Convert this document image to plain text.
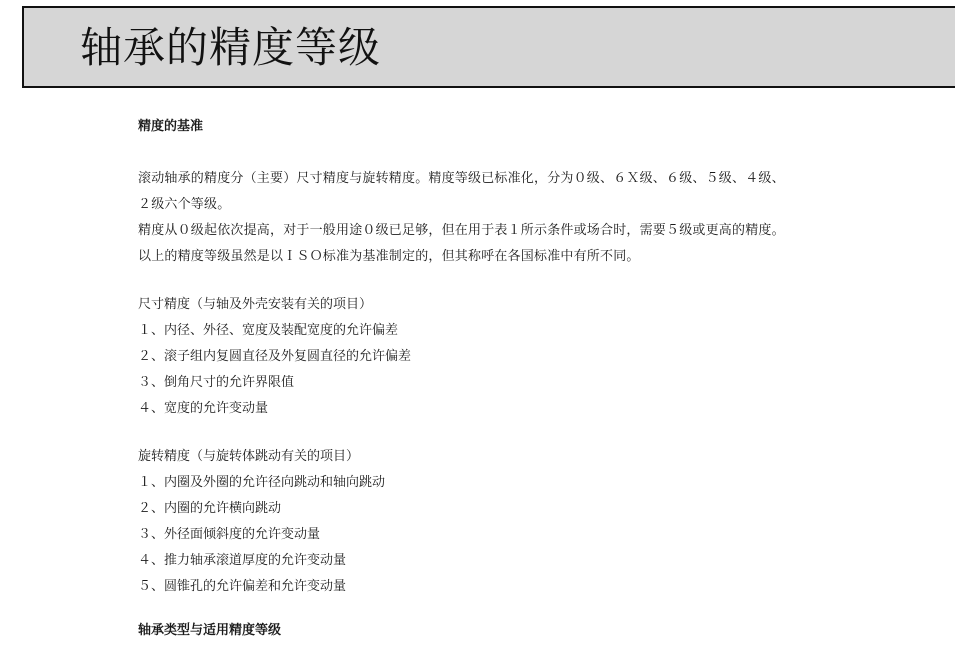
轴承的精度等级
精度的基准
滚动轴承的精度分（主要）尺寸精度与旋转精度。精度等级已标准化，分为０级、６Ｘ级、６级、５级、４级、
２级六个等级。
精度从０级起依次提高，对于一般用途０级已足够，但在用于表１所示条件或场合时，需要５级或更高的精度。
以上的精度等级虽然是以ＩＳＯ标准为基准制定的，但其称呼在各国标准中有所不同。
尺寸精度（与轴及外壳安装有关的项目）
１、内径、外径、宽度及装配宽度的允许偏差
２、滚子组内复圆直径及外复圆直径的允许偏差
３、倒角尺寸的允许界限值
４、宽度的允许变动量
旋转精度（与旋转体跳动有关的项目）
１、内圈及外圈的允许径向跳动和轴向跳动
２、内圈的允许横向跳动
３、外径面倾斜度的允许变动量
４、推力轴承滚道厚度的允许变动量
５、圆锥孔的允许偏差和允许变动量
轴承类型与适用精度等级
